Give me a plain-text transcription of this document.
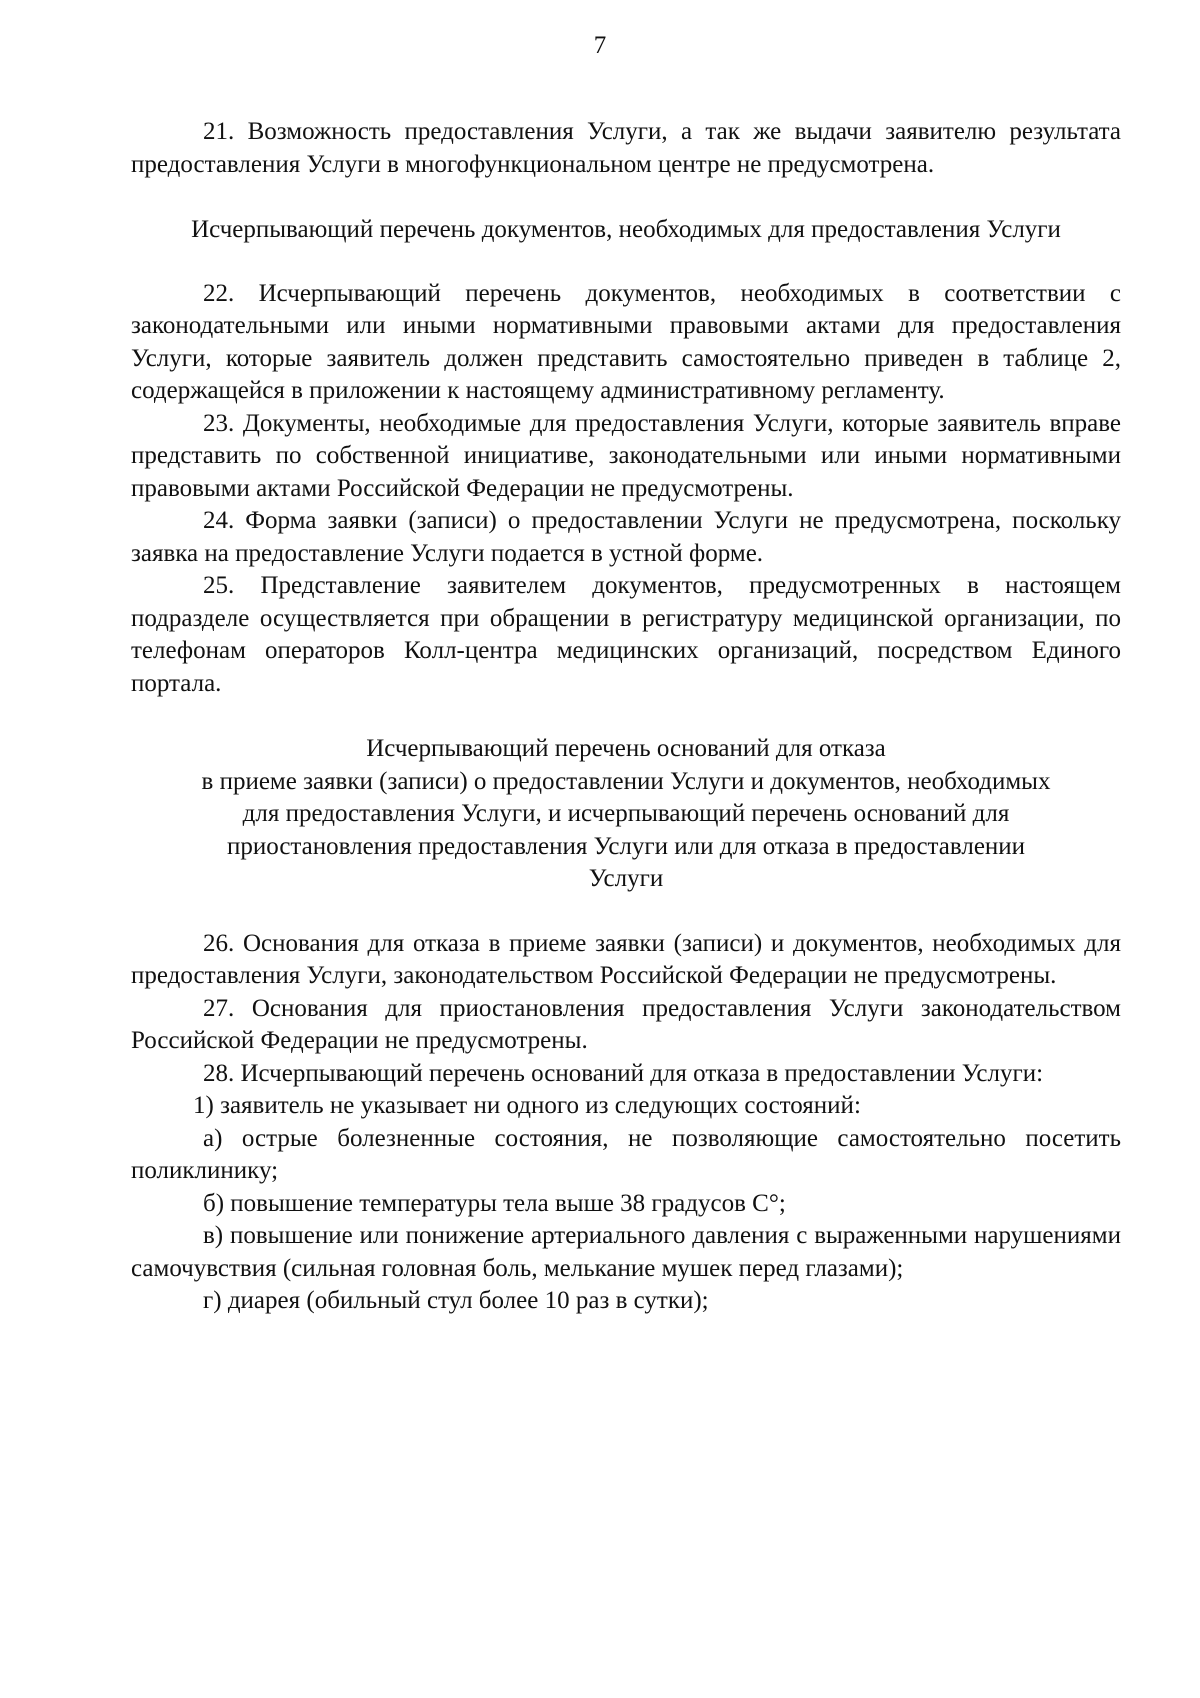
7

21. Возможность предоставления Услуги, а так же выдачи заявителю результата предоставления Услуги в многофункциональном центре не предусмотрена.

Исчерпывающий перечень документов, необходимых для предоставления Услуги

22. Исчерпывающий перечень документов, необходимых в соответствии с законодательными или иными нормативными правовыми актами для предоставления Услуги, которые заявитель должен представить самостоятельно приведен в таблице 2, содержащейся в приложении к настоящему административному регламенту.

23. Документы, необходимые для предоставления Услуги, которые заявитель вправе представить по собственной инициативе, законодательными или иными нормативными правовыми актами Российской Федерации не предусмотрены.

24. Форма заявки (записи) о предоставлении Услуги не предусмотрена, поскольку заявка на предоставление Услуги подается в устной форме.

25. Представление заявителем документов, предусмотренных в настоящем подразделе осуществляется при обращении в регистратуру медицинской организации, по телефонам операторов Колл-центра медицинских организаций, посредством Единого портала.

Исчерпывающий перечень оснований для отказа
в приеме заявки (записи) о предоставлении Услуги и документов, необходимых
для предоставления Услуги, и исчерпывающий перечень оснований для
приостановления предоставления Услуги или для отказа в предоставлении
Услуги

26. Основания для отказа в приеме заявки (записи) и документов, необходимых для предоставления Услуги, законодательством Российской Федерации не предусмотрены.

27. Основания для приостановления предоставления Услуги законодательством Российской Федерации не предусмотрены.

28. Исчерпывающий перечень оснований для отказа в предоставлении Услуги:

1) заявитель не указывает ни одного из следующих состояний:

а) острые болезненные состояния, не позволяющие самостоятельно посетить поликлинику;

б) повышение температуры тела выше 38 градусов С°;

в) повышение или понижение артериального давления с выраженными нарушениями самочувствия (сильная головная боль, мелькание мушек перед глазами);

г) диарея (обильный стул более 10 раз в сутки);
